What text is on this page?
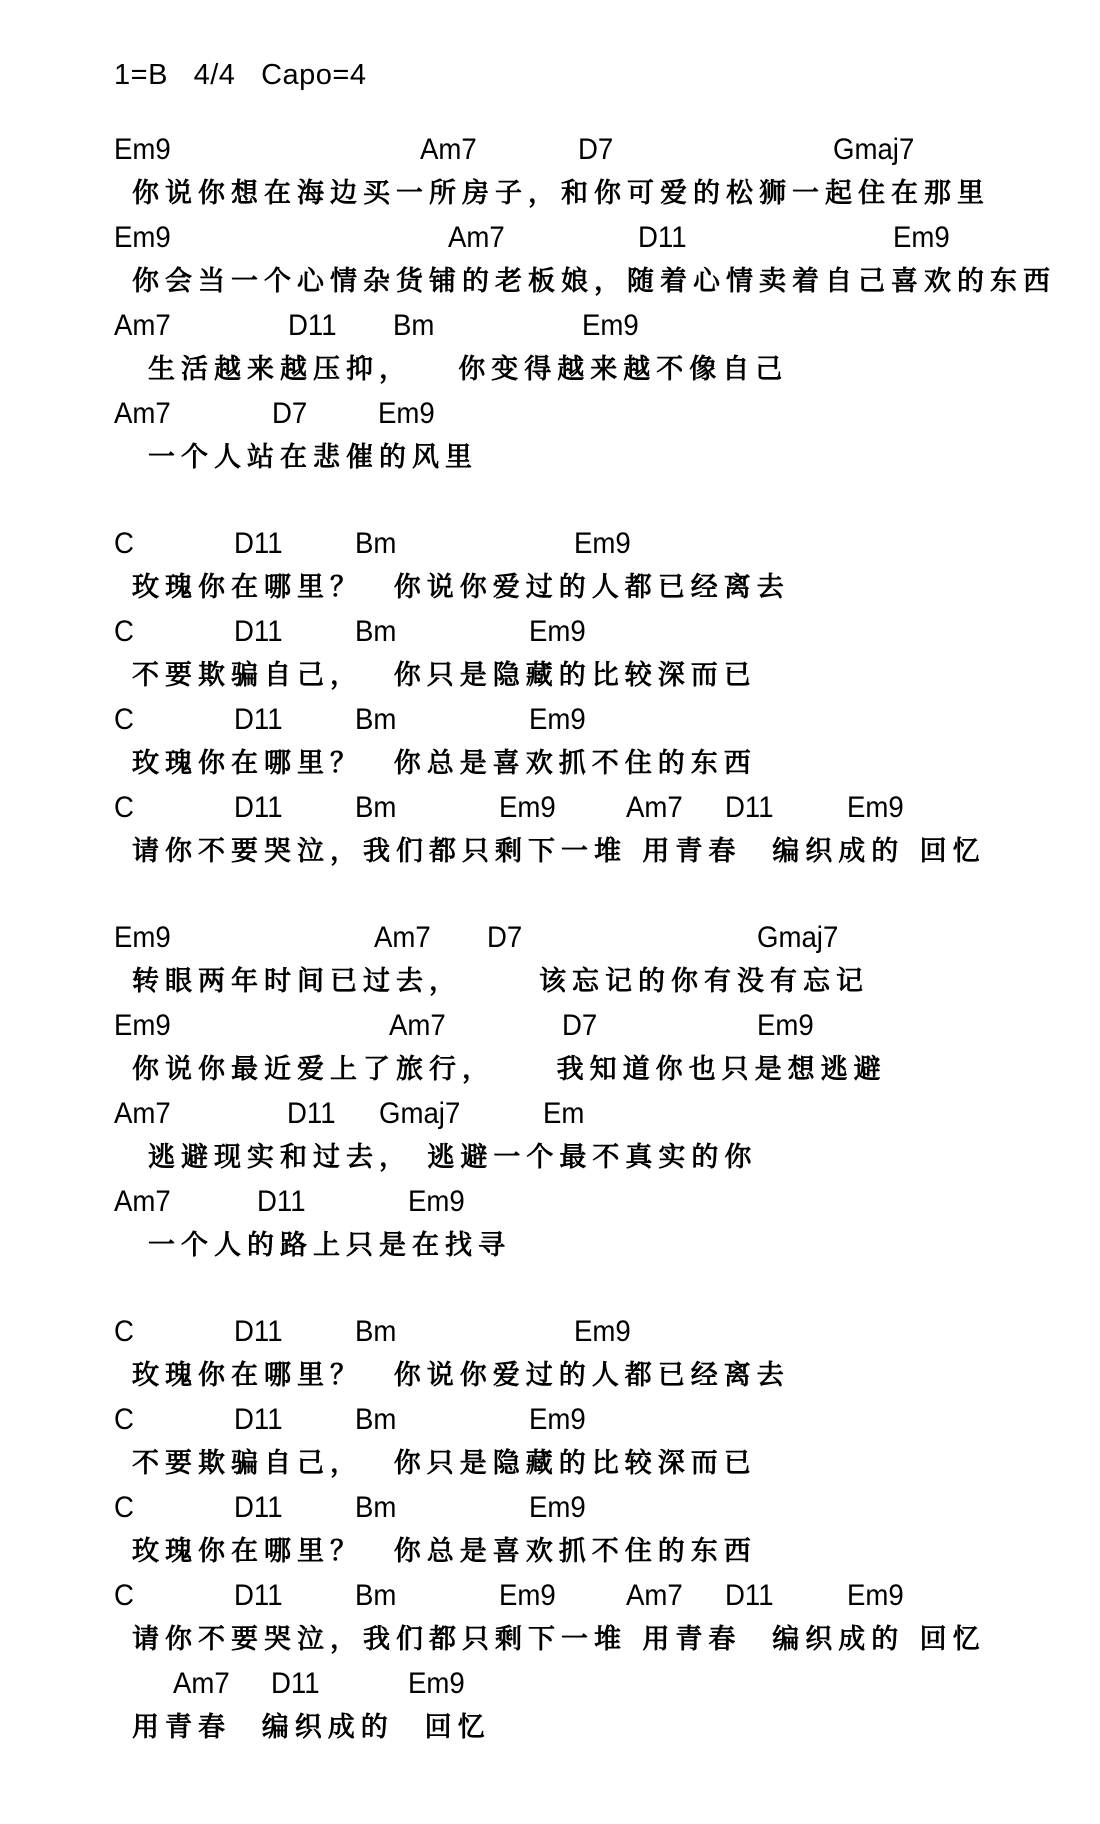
1=B   4/4   Capo=4
Em9	Am7	D7	Gmaj7
你说你想在海边买一所房子，和你可爱的松狮一起住在那里
Em9	Am7	D11	Em9
你会当一个心情杂货铺的老板娘，随着心情卖着自己喜欢的东西
Am7	D11 Bm	Em9
生活越来越压抑，   你变得越来越不像自己
Am7	D7 Em9
一个人站在悲催的风里
C	D11 Bm	Em9
玫瑰你在哪里？  你说你爱过的人都已经离去
C	D11 Bm	Em9
不要欺骗自己，  你只是隐藏的比较深而已
C	D11 Bm	Em9
玫瑰你在哪里？  你总是喜欢抓不住的东西
C	D11 Bm	Em9 Am7 D11 Em9
请你不要哭泣，我们都只剩下一堆 用青春  编织成的 回忆
Em9	Am7 D7	Gmaj7
转眼两年时间已过去，     该忘记的你有没有忘记
Em9	Am7	D7	Em9
你说你最近爱上了旅行，    我知道你也只是想逃避
Am7	D11 Gmaj7	Em
逃避现实和过去， 逃避一个最不真实的你
Am7	D11	Em9
一个人的路上只是在找寻
C	D11 Bm	Em9
玫瑰你在哪里？  你说你爱过的人都已经离去
C	D11 Bm	Em9
不要欺骗自己，  你只是隐藏的比较深而已
C	D11 Bm	Em9
玫瑰你在哪里？  你总是喜欢抓不住的东西
C	D11 Bm	Em9 Am7 D11 Em9
请你不要哭泣，我们都只剩下一堆 用青春  编织成的 回忆
Am7 D11	Em9
用青春  编织成的  回忆
